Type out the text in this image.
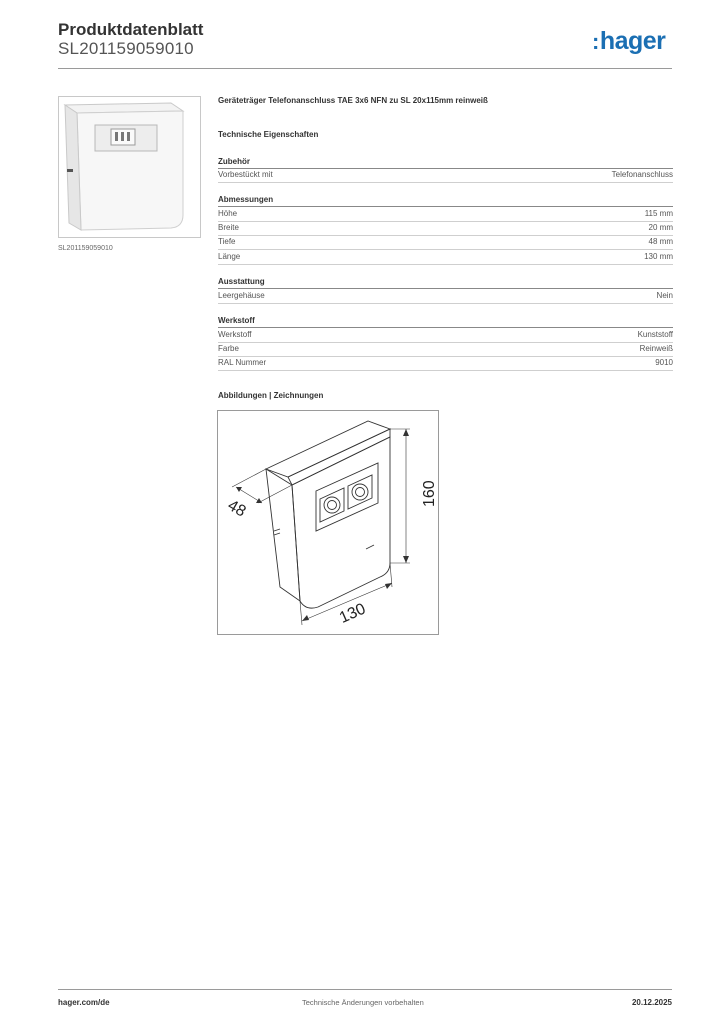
Produktdatenblatt
SL201159059010	:hager
SL201159059010
Geräteträger Telefonanschluss TAE 3x6 NFN zu SL 20x115mm reinweiß
Technische Eigenschaften
Zubehör
Vorbestückt mit	Telefonanschluss
Abmessungen
Höhe	115 mm
Breite	20 mm
Tiefe	48 mm
Länge	130 mm
Ausstattung
Leergehäuse	Nein
Werkstoff
Werkstoff	Kunststoff
Farbe	Reinweiß
RAL Nummer	9010
Abbildungen | Zeichnungen
48
160
130
hager.com/de	Technische Änderungen vorbehalten	20.12.2025
